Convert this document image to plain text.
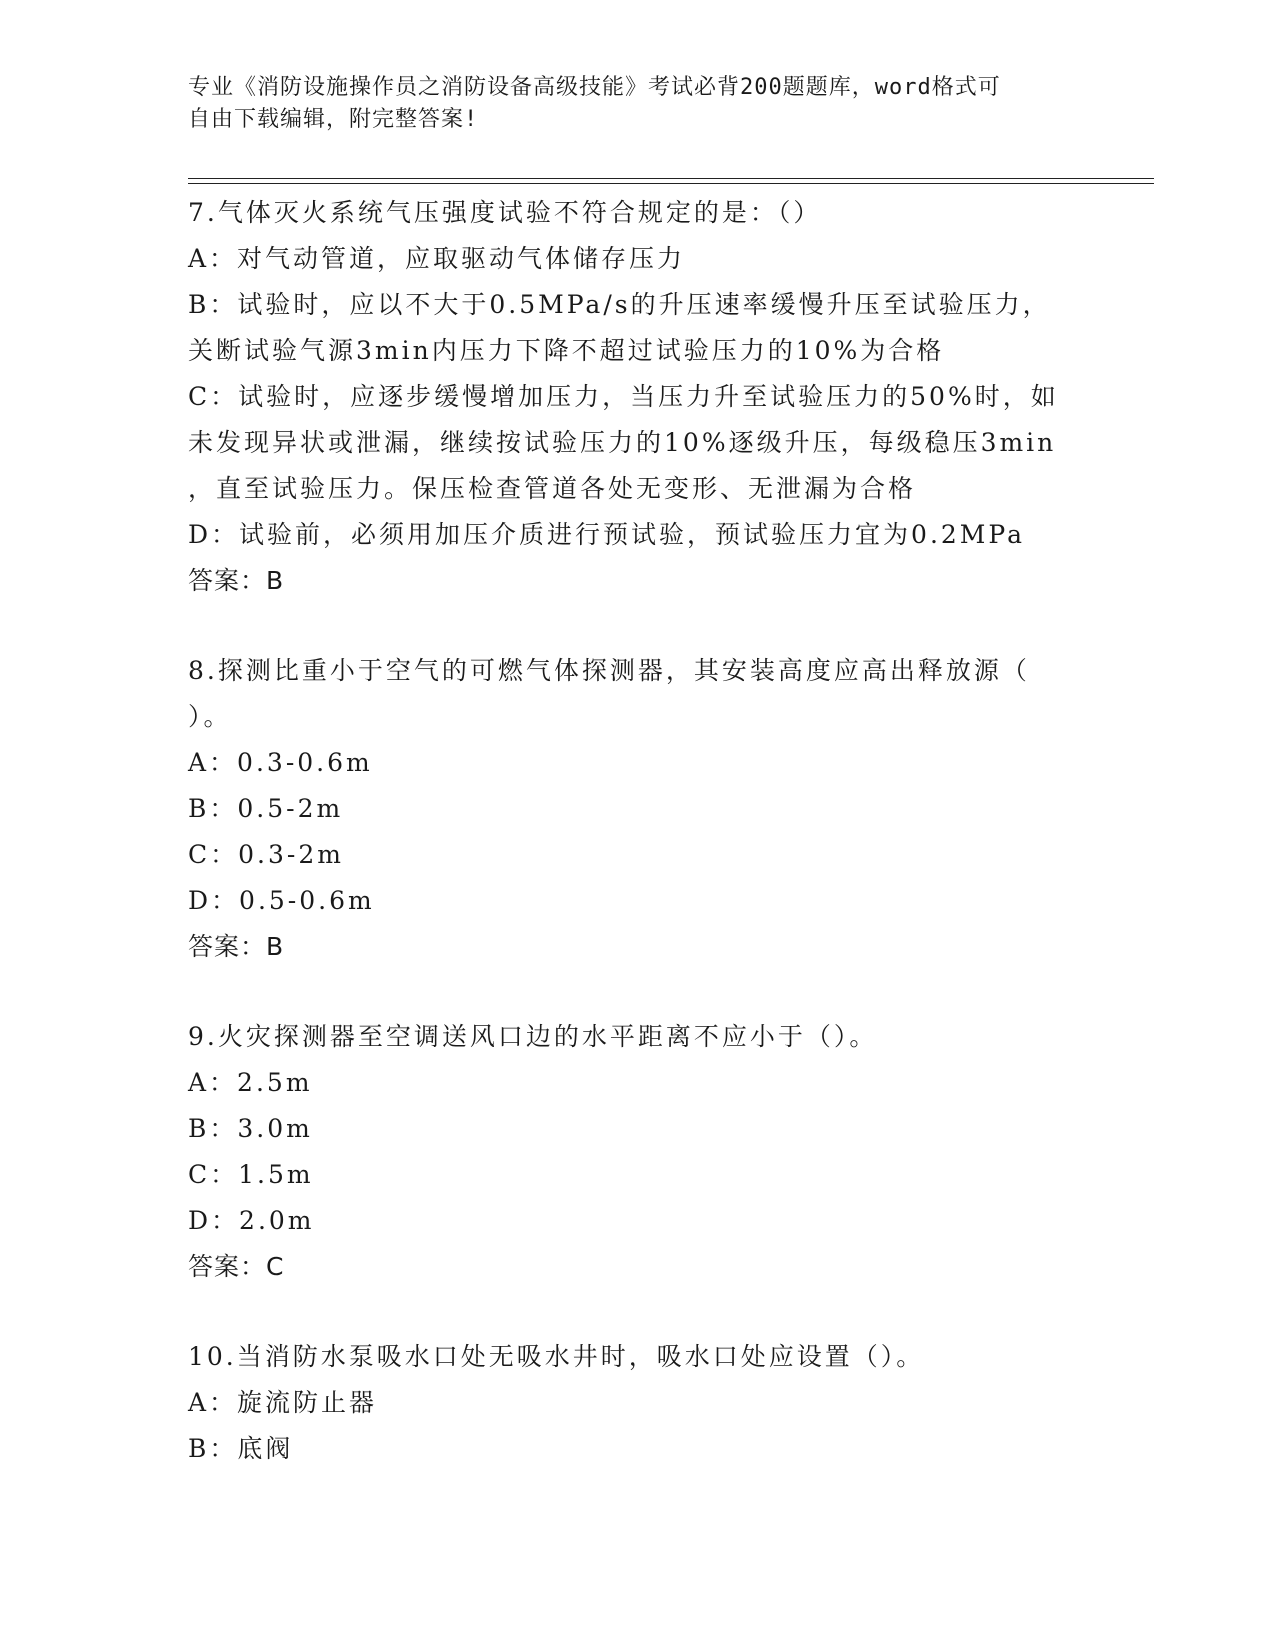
专业《消防设施操作员之消防设备高级技能》考试必背200题题库，word格式可
自由下载编辑，附完整答案!
7.气体灭火系统气压强度试验不符合规定的是：（）
A：对气动管道，应取驱动气体储存压力
B：试验时，应以不大于0.5MPa/s的升压速率缓慢升压至试验压力，
关断试验气源3min内压力下降不超过试验压力的10%为合格
C：试验时，应逐步缓慢增加压力，当压力升至试验压力的50%时，如
未发现异状或泄漏，继续按试验压力的10%逐级升压，每级稳压3min
，直至试验压力。保压检查管道各处无变形、无泄漏为合格
D：试验前，必须用加压介质进行预试验，预试验压力宜为0.2MPa
答案：B
8.探测比重小于空气的可燃气体探测器，其安装高度应高出释放源（
）。
A：0.3-0.6m
B：0.5-2m
C：0.3-2m
D：0.5-0.6m
答案：B
9.火灾探测器至空调送风口边的水平距离不应小于（）。
A：2.5m
B：3.0m
C：1.5m
D：2.0m
答案：C
10.当消防水泵吸水口处无吸水井时，吸水口处应设置（）。
A：旋流防止器
B：底阀
